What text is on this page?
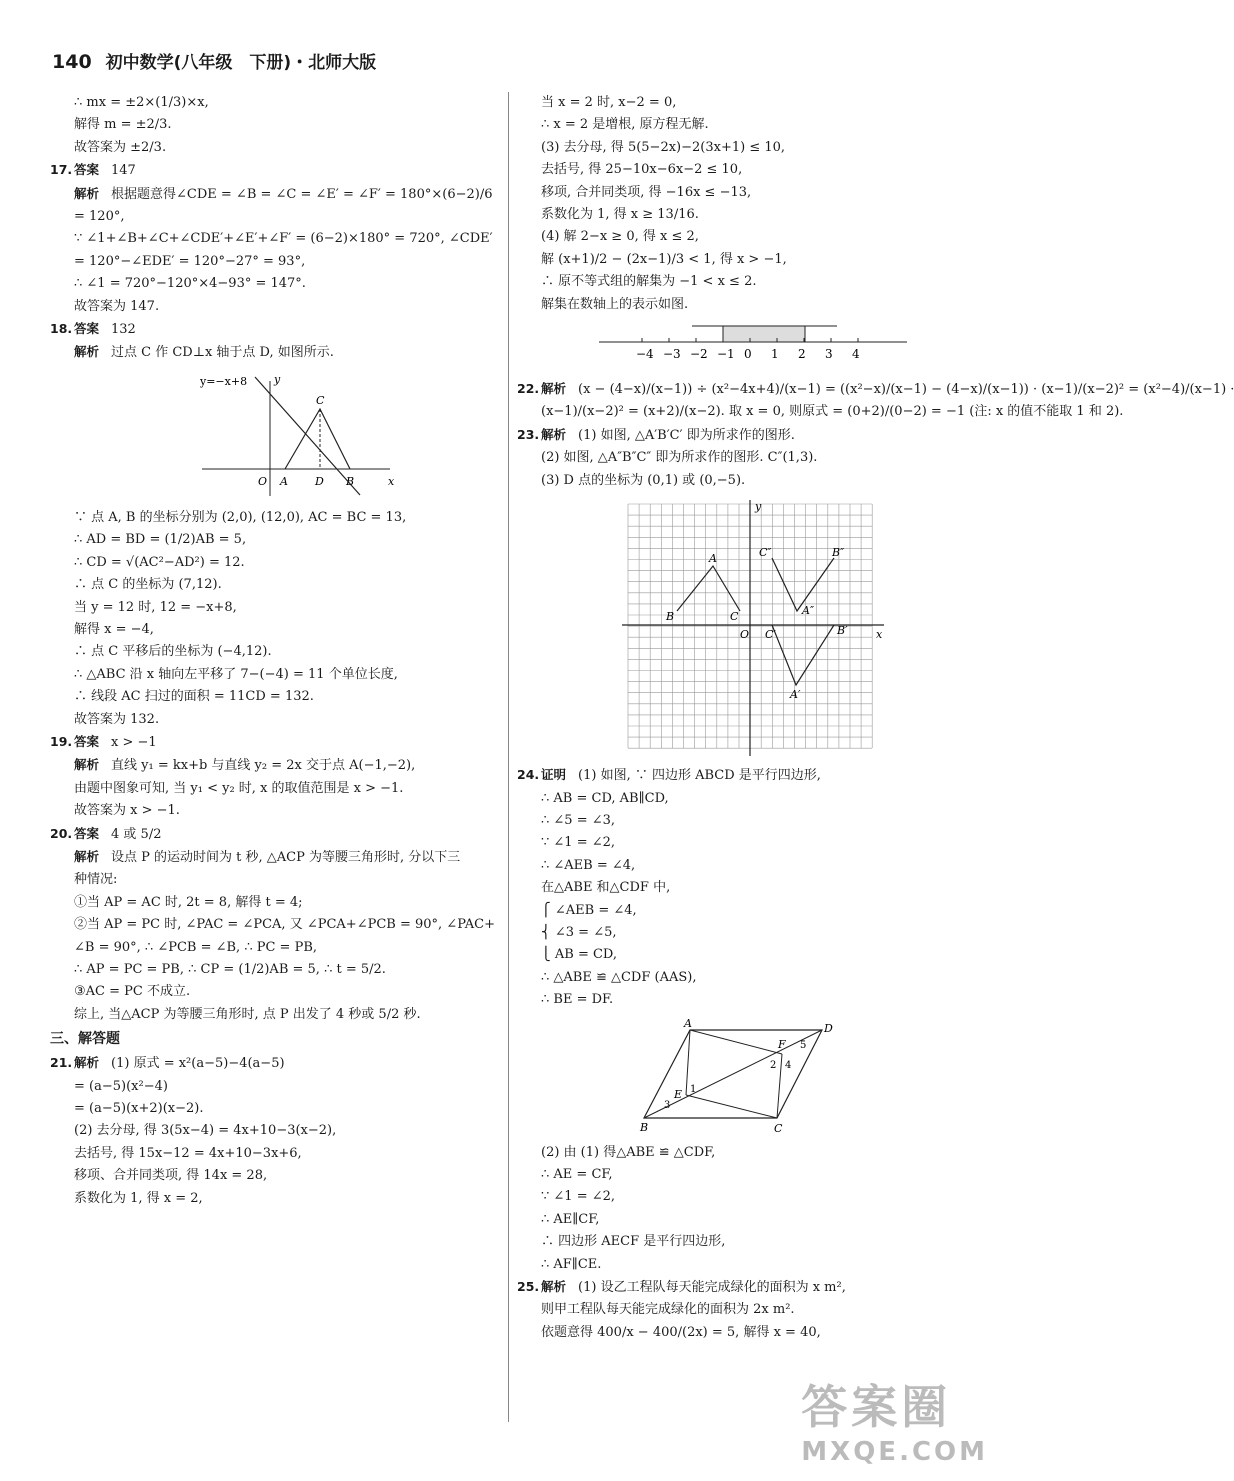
140 初中数学(八年级　下册)・北师大版
∴ mx = ±2×(1/3)×x,
解得 m = ±2/3.
故答案为 ±2/3.
17. 答案 147
解析 根据题意得∠CDE = ∠B = ∠C = ∠E′ = ∠F′ = 180°×(6−2)/6
= 120°,
∵ ∠1+∠B+∠C+∠CDE′+∠E′+∠F′ = (6−2)×180° = 720°, ∠CDE′
= 120°−∠EDE′ = 120°−27° = 93°,
∴ ∠1 = 720°−120°×4−93° = 147°.
故答案为 147.
18. 答案 132
解析 过点 C 作 CD⊥x 轴于点 D, 如图所示.
y=−x+8 y
x
O A D B
C
∵ 点 A, B 的坐标分别为 (2,0), (12,0), AC = BC = 13,
∴ AD = BD = (1/2)AB = 5,
∴ CD = √(AC²−AD²) = 12.
∴ 点 C 的坐标为 (7,12).
当 y = 12 时, 12 = −x+8,
解得 x = −4,
∴ 点 C 平移后的坐标为 (−4,12).
∴ △ABC 沿 x 轴向左平移了 7−(−4) = 11 个单位长度,
∴ 线段 AC 扫过的面积 = 11CD = 132.
故答案为 132.
19. 答案 x > −1
解析 直线 y₁ = kx+b 与直线 y₂ = 2x 交于点 A(−1,−2),
由题中图象可知, 当 y₁ < y₂ 时, x 的取值范围是 x > −1.
故答案为 x > −1.
20. 答案 4 或 5/2
解析 设点 P 的运动时间为 t 秒, △ACP 为等腰三角形时, 分以下三
种情况:
①当 AP = AC 时, 2t = 8, 解得 t = 4;
②当 AP = PC 时, ∠PAC = ∠PCA, 又 ∠PCA+∠PCB = 90°, ∠PAC+
∠B = 90°, ∴ ∠PCB = ∠B, ∴ PC = PB,
∴ AP = PC = PB, ∴ CP = (1/2)AB = 5, ∴ t = 5/2.
③AC = PC 不成立.
综上, 当△ACP 为等腰三角形时, 点 P 出发了 4 秒或 5/2 秒.
三、解答题
21. 解析 (1) 原式 = x²(a−5)−4(a−5)
= (a−5)(x²−4)
= (a−5)(x+2)(x−2).
(2) 去分母, 得 3(5x−4) = 4x+10−3(x−2),
去括号, 得 15x−12 = 4x+10−3x+6,
移项、合并同类项, 得 14x = 28,
系数化为 1, 得 x = 2,
当 x = 2 时, x−2 = 0,
∴ x = 2 是增根, 原方程无解.
(3) 去分母, 得 5(5−2x)−2(3x+1) ≤ 10,
去括号, 得 25−10x−6x−2 ≤ 10,
移项, 合并同类项, 得 −16x ≤ −13,
系数化为 1, 得 x ≥ 13/16.
(4) 解 2−x ≥ 0, 得 x ≤ 2,
解 (x+1)/2 − (2x−1)/3 < 1, 得 x > −1,
∴ 原不等式组的解集为 −1 < x ≤ 2.
解集在数轴上的表示如图.
−4 −3 −2 −1 0 1 2 3 4
22. 解析 (x − (4−x)/(x−1)) ÷ (x²−4x+4)/(x−1) = ((x²−x)/(x−1) − (4−x)/(x−1)) · (x−1)/(x−2)² = (x²−4)/(x−1) ·
(x−1)/(x−2)² = (x+2)/(x−2). 取 x = 0, 则原式 = (0+2)/(0−2) = −1 (注: x 的值不能取 1 和 2).
23. 解析 (1) 如图, △A′B′C′ 即为所求作的图形.
(2) 如图, △A″B″C″ 即为所求作的图形. C″(1,3).
(3) D 点的坐标为 (0,1) 或 (0,−5).
A
B	C
A′
B′
C′
A″
B″
C″
O	x
y
24. 证明 (1) 如图, ∵ 四边形 ABCD 是平行四边形,
∴ AB = CD, AB∥CD,
∴ ∠5 = ∠3,
∵ ∠1 = ∠2,
∴ ∠AEB = ∠4,
在△ABE 和△CDF 中,
⎧ ∠AEB = ∠4,
⎨ ∠3 = ∠5,
⎩ AB = CD,
∴ △ABE ≌ △CDF (AAS),
∴ BE = DF.
A	D
B	C
E
F
1
2
3
4
5
(2) 由 (1) 得△ABE ≌ △CDF,
∴ AE = CF,
∵ ∠1 = ∠2,
∴ AE∥CF,
∴ 四边形 AECF 是平行四边形,
∴ AF∥CE.
25. 解析 (1) 设乙工程队每天能完成绿化的面积为 x m²,
则甲工程队每天能完成绿化的面积为 2x m².
依题意得 400/x − 400/(2x) = 5, 解得 x = 40,
答案圈
MXQE.COM
